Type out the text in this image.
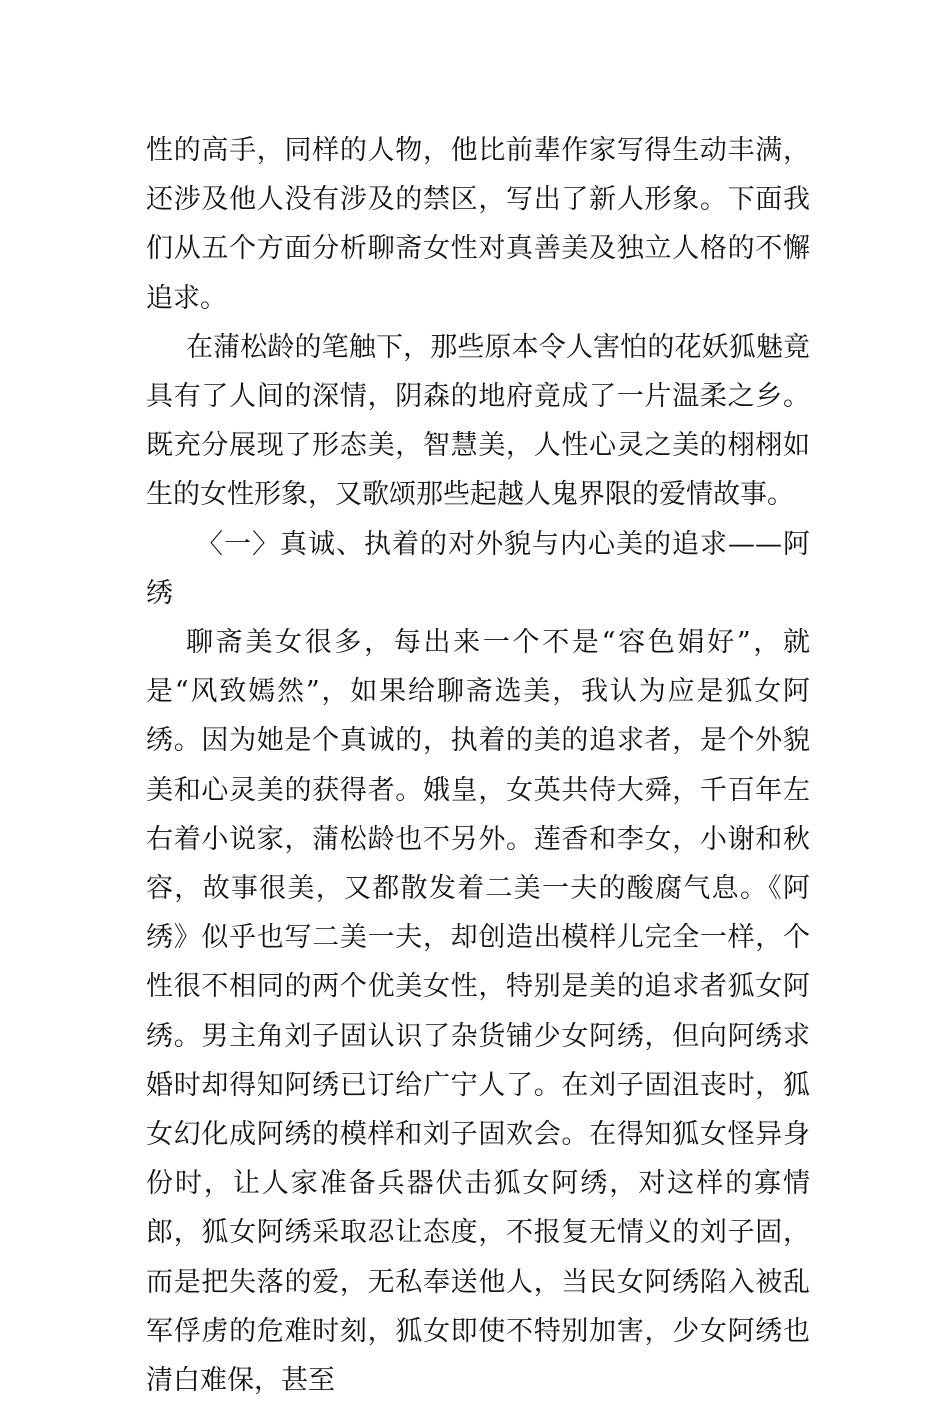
性的高手，同样的人物，他比前辈作家写得生动丰满，还涉及他人没有涉及的禁区，写出了新人形象。下面我们从五个方面分析聊斋女性对真善美及独立人格的不懈追求。

在蒲松龄的笔触下，那些原本令人害怕的花妖狐魅竟具有了人间的深情，阴森的地府竟成了一片温柔之乡。既充分展现了形态美，智慧美，人性心灵之美的栩栩如生的女性形象，又歌颂那些起越人鬼界限的爱情故事。

〈一〉真诚、执着的对外貌与内心美的追求——阿绣

聊斋美女很多，每出来一个不是“容色娟好”，就是“风致嫣然”，如果给聊斋选美，我认为应是狐女阿绣。因为她是个真诚的，执着的美的追求者，是个外貌美和心灵美的获得者。娥皇，女英共侍大舜，千百年左右着小说家，蒲松龄也不另外。莲香和李女，小谢和秋容，故事很美，又都散发着二美一夫的酸腐气息。《阿绣》似乎也写二美一夫，却创造出模样儿完全一样，个性很不相同的两个优美女性，特别是美的追求者狐女阿绣。男主角刘子固认识了杂货铺少女阿绣，但向阿绣求婚时却得知阿绣已订给广宁人了。在刘子固沮丧时，狐女幻化成阿绣的模样和刘子固欢会。在得知狐女怪异身份时，让人家准备兵器伏击狐女阿绣，对这样的寡情郎，狐女阿绣采取忍让态度，不报复无情义的刘子固，而是把失落的爱，无私奉送他人，当民女阿绣陷入被乱军俘虏的危难时刻，狐女即使不特别加害，少女阿绣也清白难保，甚至
